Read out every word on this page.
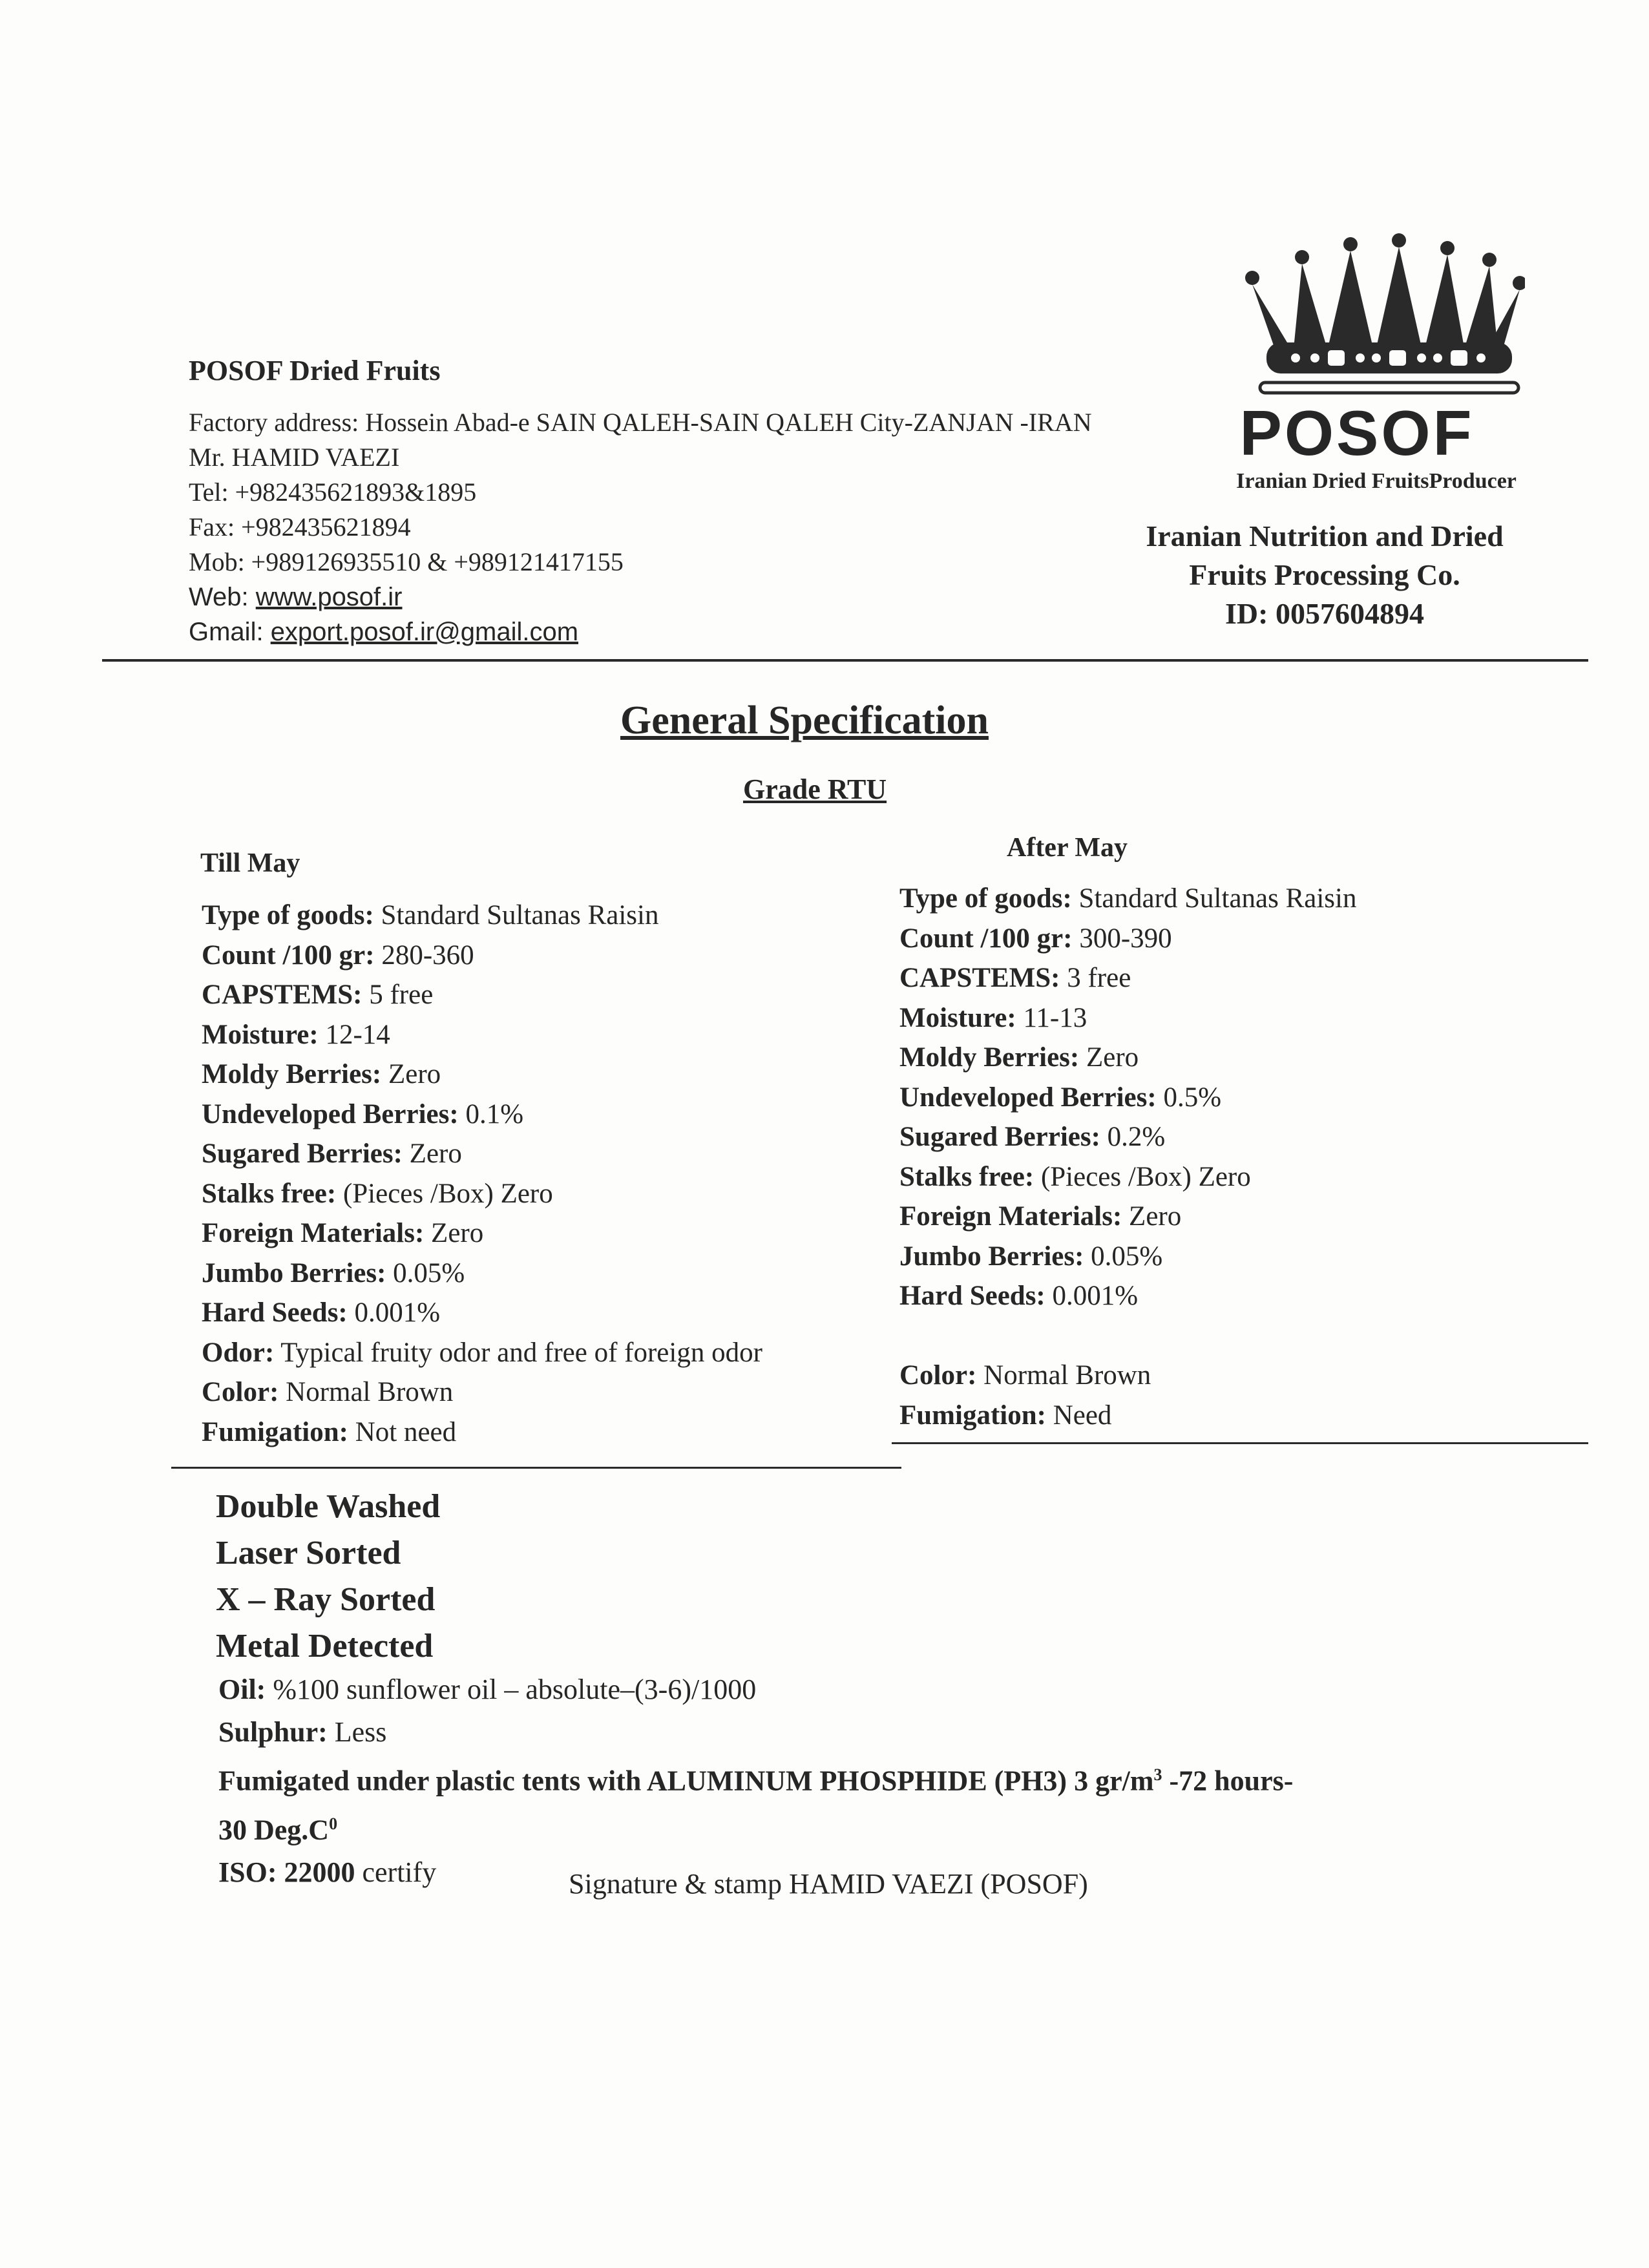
POSOF Dried Fruits
Factory address: Hossein Abad-e SAIN QALEH-SAIN QALEH City-ZANJAN -IRAN
Mr. HAMID VAEZI
Tel: +982435621893&1895
Fax: +982435621894
Mob: +989126935510 & +989121417155
Web: www.posof.ir
Gmail: export.posof.ir@gmail.com
POSOF
Iranian Dried FruitsProducer
Iranian Nutrition and Dried
Fruits Processing Co.
ID: 0057604894
General Specification
Grade RTU
Till May
After May
Type of goods: Standard Sultanas Raisin
Count /100 gr: 280-360
CAPSTEMS: 5 free
Moisture: 12-14
Moldy Berries: Zero
Undeveloped Berries: 0.1%
Sugared Berries: Zero
Stalks free: (Pieces /Box) Zero
Foreign Materials: Zero
Jumbo Berries: 0.05%
Hard Seeds: 0.001%
Odor: Typical fruity odor and free of foreign odor
Color: Normal Brown
Fumigation: Not need
Type of goods: Standard Sultanas Raisin
Count /100 gr: 300-390
CAPSTEMS: 3 free
Moisture: 11-13
Moldy Berries: Zero
Undeveloped Berries: 0.5%
Sugared Berries: 0.2%
Stalks free: (Pieces /Box) Zero
Foreign Materials: Zero
Jumbo Berries: 0.05%
Hard Seeds: 0.001%

Color: Normal Brown
Fumigation: Need
Double Washed
Laser Sorted
X – Ray Sorted
Metal Detected
Oil: %100 sunflower oil – absolute–(3-6)/1000
Sulphur: Less
Fumigated under plastic tents with ALUMINUM PHOSPHIDE (PH3) 3 $gr/m^3$ -72 hours-
30 $Deg.C^0$
ISO: 22000 certify	Signature & stamp HAMID VAEZI (POSOF)
